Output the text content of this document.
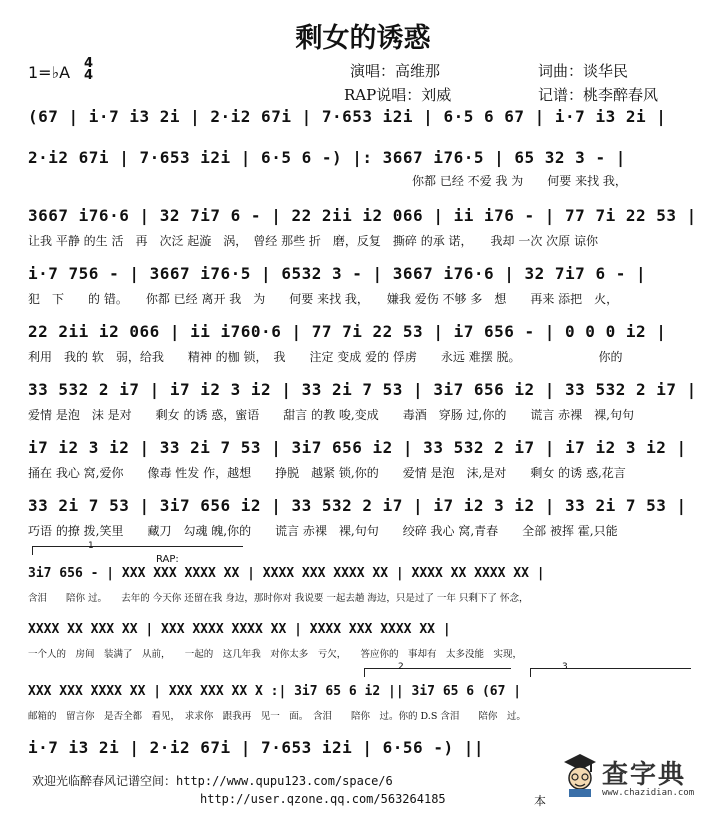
剩女的诱惑
1=♭A 4
4	演唱：高维那	词曲：谈华民
RAP说唱：刘威	记谱：桃李醉春风
(67 | i·7 i3 2i | 2·i2 67i | 7·653 i2i | 6·5 6 67 | i·7 i3 2i |
2·i2 67i | 7·653 i2i | 6·5 6 -) |: 3667 i76·5 | 65 32 3 - |
你都 已经 不爱 我 为　　何要 来找 我，
3667 i76·6 | 32 7i7 6 - | 22 2ii i2 066 | ii i76 - | 77 7i 22 53 |
让我 平静 的生 活　再　次泛 起漩　涡，　曾经 那些 折　磨，反复　撕碎 的承 诺，　　我却 一次 次原 谅你
i·7 756 - | 3667 i76·5 | 6532 3 - | 3667 i76·6 | 32 7i7 6 - |
犯　下　　的 错。　　你都 已经 离开 我　为　　何要 来找 我，　　嫌我 爱伤 不够 多　想　　再来 添把　火，
22 2ii i2 066 | ii i760·6 | 77 7i 22 53 | i7 656 - | 0 0 0 i2 |
利用　我的 软　弱，给我　　精神 的枷 锁，　我　　注定 变成 爱的 俘虏　　永远 难摆 脱。　　　　　　　你的
33 532 2 i7 | i7 i2 3 i2 | 33 2i 7 53 | 3i7 656 i2 | 33 532 2 i7 |
爱情 是泡　沫 是对　　剩女 的诱 惑，蜜语　　甜言 的教 唆,变成　　毒酒　穿肠 过,你的　　谎言 赤裸　裸,句句
i7 i2 3 i2 | 33 2i 7 53 | 3i7 656 i2 | 33 532 2 i7 | i7 i2 3 i2 |
捅在 我心 窝,爱你　　像毒 性发 作，越想　　挣脱　越紧 锁,你的　　爱情 是泡　沫,是对　　剩女 的诱 惑,花言
33 2i 7 53 | 3i7 656 i2 | 33 532 2 i7 | i7 i2 3 i2 | 33 2i 7 53 |
巧语 的撩 拨,笑里　　藏刀　勾魂 魄,你的　　谎言 赤裸　裸,句句　　绞碎 我心 窝,青春　　全部 被挥 霍,只能
1
RAP:
3i7 656 - | XXX XXX XXXX XX | XXXX XXX XXXX XX | XXXX XX XXXX XX |
含泪　　陪你 过。　　去年的 今天你 还留在我 身边，那时你对 我说要 一起去趟 海边，只是过了 一年 只剩下了 怀念，
XXXX XX XXX XX | XXX XXXX XXXX XX | XXXX XXX XXXX XX |
一个人的　房间　装满了　从前，　　一起的　这几年我　对你太多　亏欠，　　答应你的　事却有　太多没能　实现，
2	3
XXX XXX XXXX XX | XXX XXX XX X :| 3i7 65 6 i2 || 3i7 65 6 (67 |
邮箱的　留言你　是否全都　看见，　求求你　跟我再　见一　面。　含泪　　陪你　过。你的 D.S 含泪　　陪你　过。
i·7 i3 2i | 2·i2 67i | 7·653 i2i | 6·56 -) ||
欢迎光临醉春风记谱空间：http://www.qupu123.com/space/6
http://user.qzone.qq.com/563264185	本
查字典
www.chazidian.com
